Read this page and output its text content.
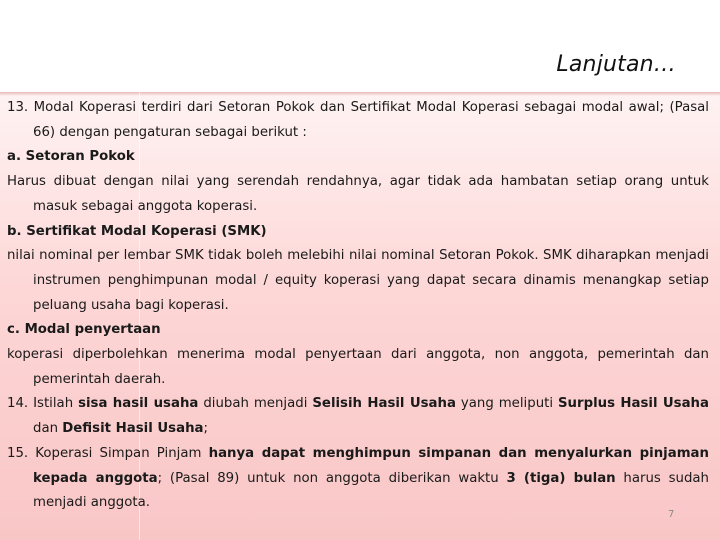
Lanjutan…

13. Modal Koperasi terdiri dari Setoran Pokok dan Sertifikat Modal Koperasi sebagai modal awal; (Pasal 66) dengan pengaturan sebagai berikut :

a. Setoran Pokok

Harus dibuat dengan nilai yang serendah rendahnya, agar tidak ada hambatan setiap orang untuk masuk sebagai anggota koperasi.

b. Sertifikat Modal Koperasi (SMK)

nilai nominal per lembar SMK tidak boleh melebihi nilai nominal Setoran Pokok. SMK diharapkan menjadi instrumen penghimpunan modal / equity koperasi yang dapat secara dinamis menangkap setiap peluang usaha bagi koperasi.

c. Modal penyertaan

koperasi diperbolehkan menerima modal penyertaan dari anggota, non anggota, pemerintah dan pemerintah daerah.

14. Istilah sisa hasil usaha diubah menjadi Selisih Hasil Usaha yang meliputi Surplus Hasil Usaha dan Defisit Hasil Usaha;

15. Koperasi Simpan Pinjam hanya dapat menghimpun simpanan dan menyalurkan pinjaman kepada anggota; (Pasal 89) untuk non anggota diberikan waktu 3 (tiga) bulan harus sudah menjadi anggota.

7
